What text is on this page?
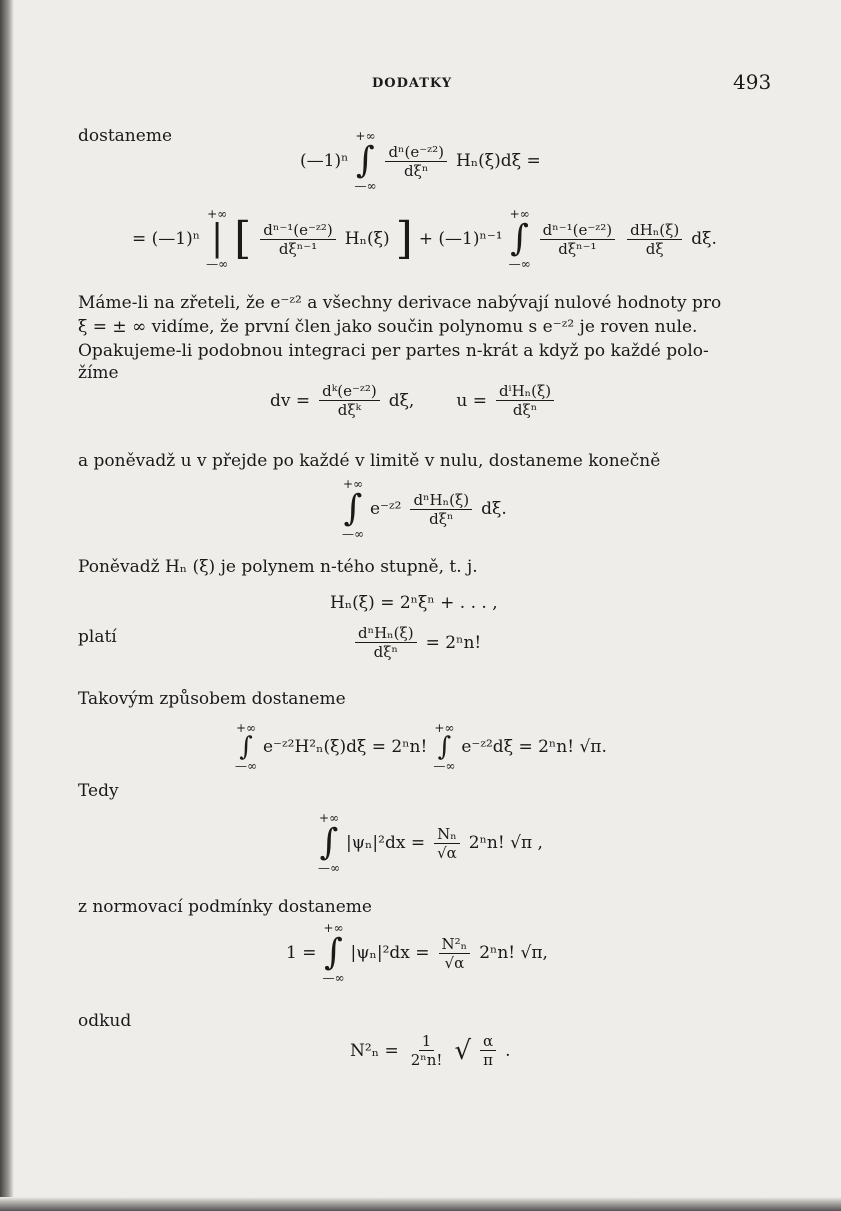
DODATKY	493
dostaneme
(—1)ⁿ
+∞
∫
—∞
$\frac{\text{dⁿ(e⁻ᶻ²)}}{\text{dξⁿ}} H_n(\xi)d\xi$ =
= (—1)ⁿ
+∞
|
—∞ [ $\frac{\text{dⁿ⁻¹(e⁻ᶻ²)}}{\text{dξⁿ⁻¹}} H_n(\xi)$ ] + (—1)ⁿ⁻¹
+∞
∫
—∞
$\frac{\text{dⁿ⁻¹(e⁻ᶻ²)}}{\text{dξⁿ⁻¹}} \frac{\text{dHₙ(ξ)}}{d\xi} d\xi$.
Máme-li na zřeteli, že e⁻ᶻ² a všechny derivace nabývají nulové hodnoty pro
ξ = ± ∞ vidíme, že první člen jako součin polynomu s e⁻ᶻ² je roven nule.
Opakujeme-li podobnou integraci per partes n-krát a když po každé polo-
žíme
dv = $\frac{\text{dᵏ(e⁻ᶻ²)}}{\text{dξᵏ}} d\xi$, $u = \frac{\text{dⁱHₙ(ξ)}}{\text{dξⁿ}}$
a poněvadž u v přejde po každé v limitě v nulu, dostaneme konečně
+∞
∫
—∞
e⁻ᶻ² $\frac{\text{dⁿHₙ(ξ)}}{\text{dξⁿ}} d\xi$.
Poněvadž Hₙ (ξ) je polynem n-tého stupně, t. j.
Hₙ(ξ) = 2ⁿξⁿ + . . . ,
platí	$\frac{\text{dⁿHₙ(ξ)}}{\text{dξⁿ}} = 2^nn$!
Takovým způsobem dostaneme
+∞
∫
—∞
e⁻ᶻ²H²ₙ(ξ)dξ = 2ⁿn!
+∞
∫
—∞
e⁻ᶻ²dξ = 2ⁿn! √π.
Tedy
+∞
∫
—∞
$|\psi_n|^2dx = \frac{\text{Nₙ}}{√\alpha} 2^nn$! √π ,
z normovací podmínky dostaneme
1 =
+∞
∫
—∞
$|\psi_n|^2dx = \frac{\text{N²ₙ}}{√\alpha} 2^nn$! √π,
odkud
$N^2_n = \frac{1}{\text{2ⁿn!}}$ √ $\frac{\alpha}{\pi}$ .
